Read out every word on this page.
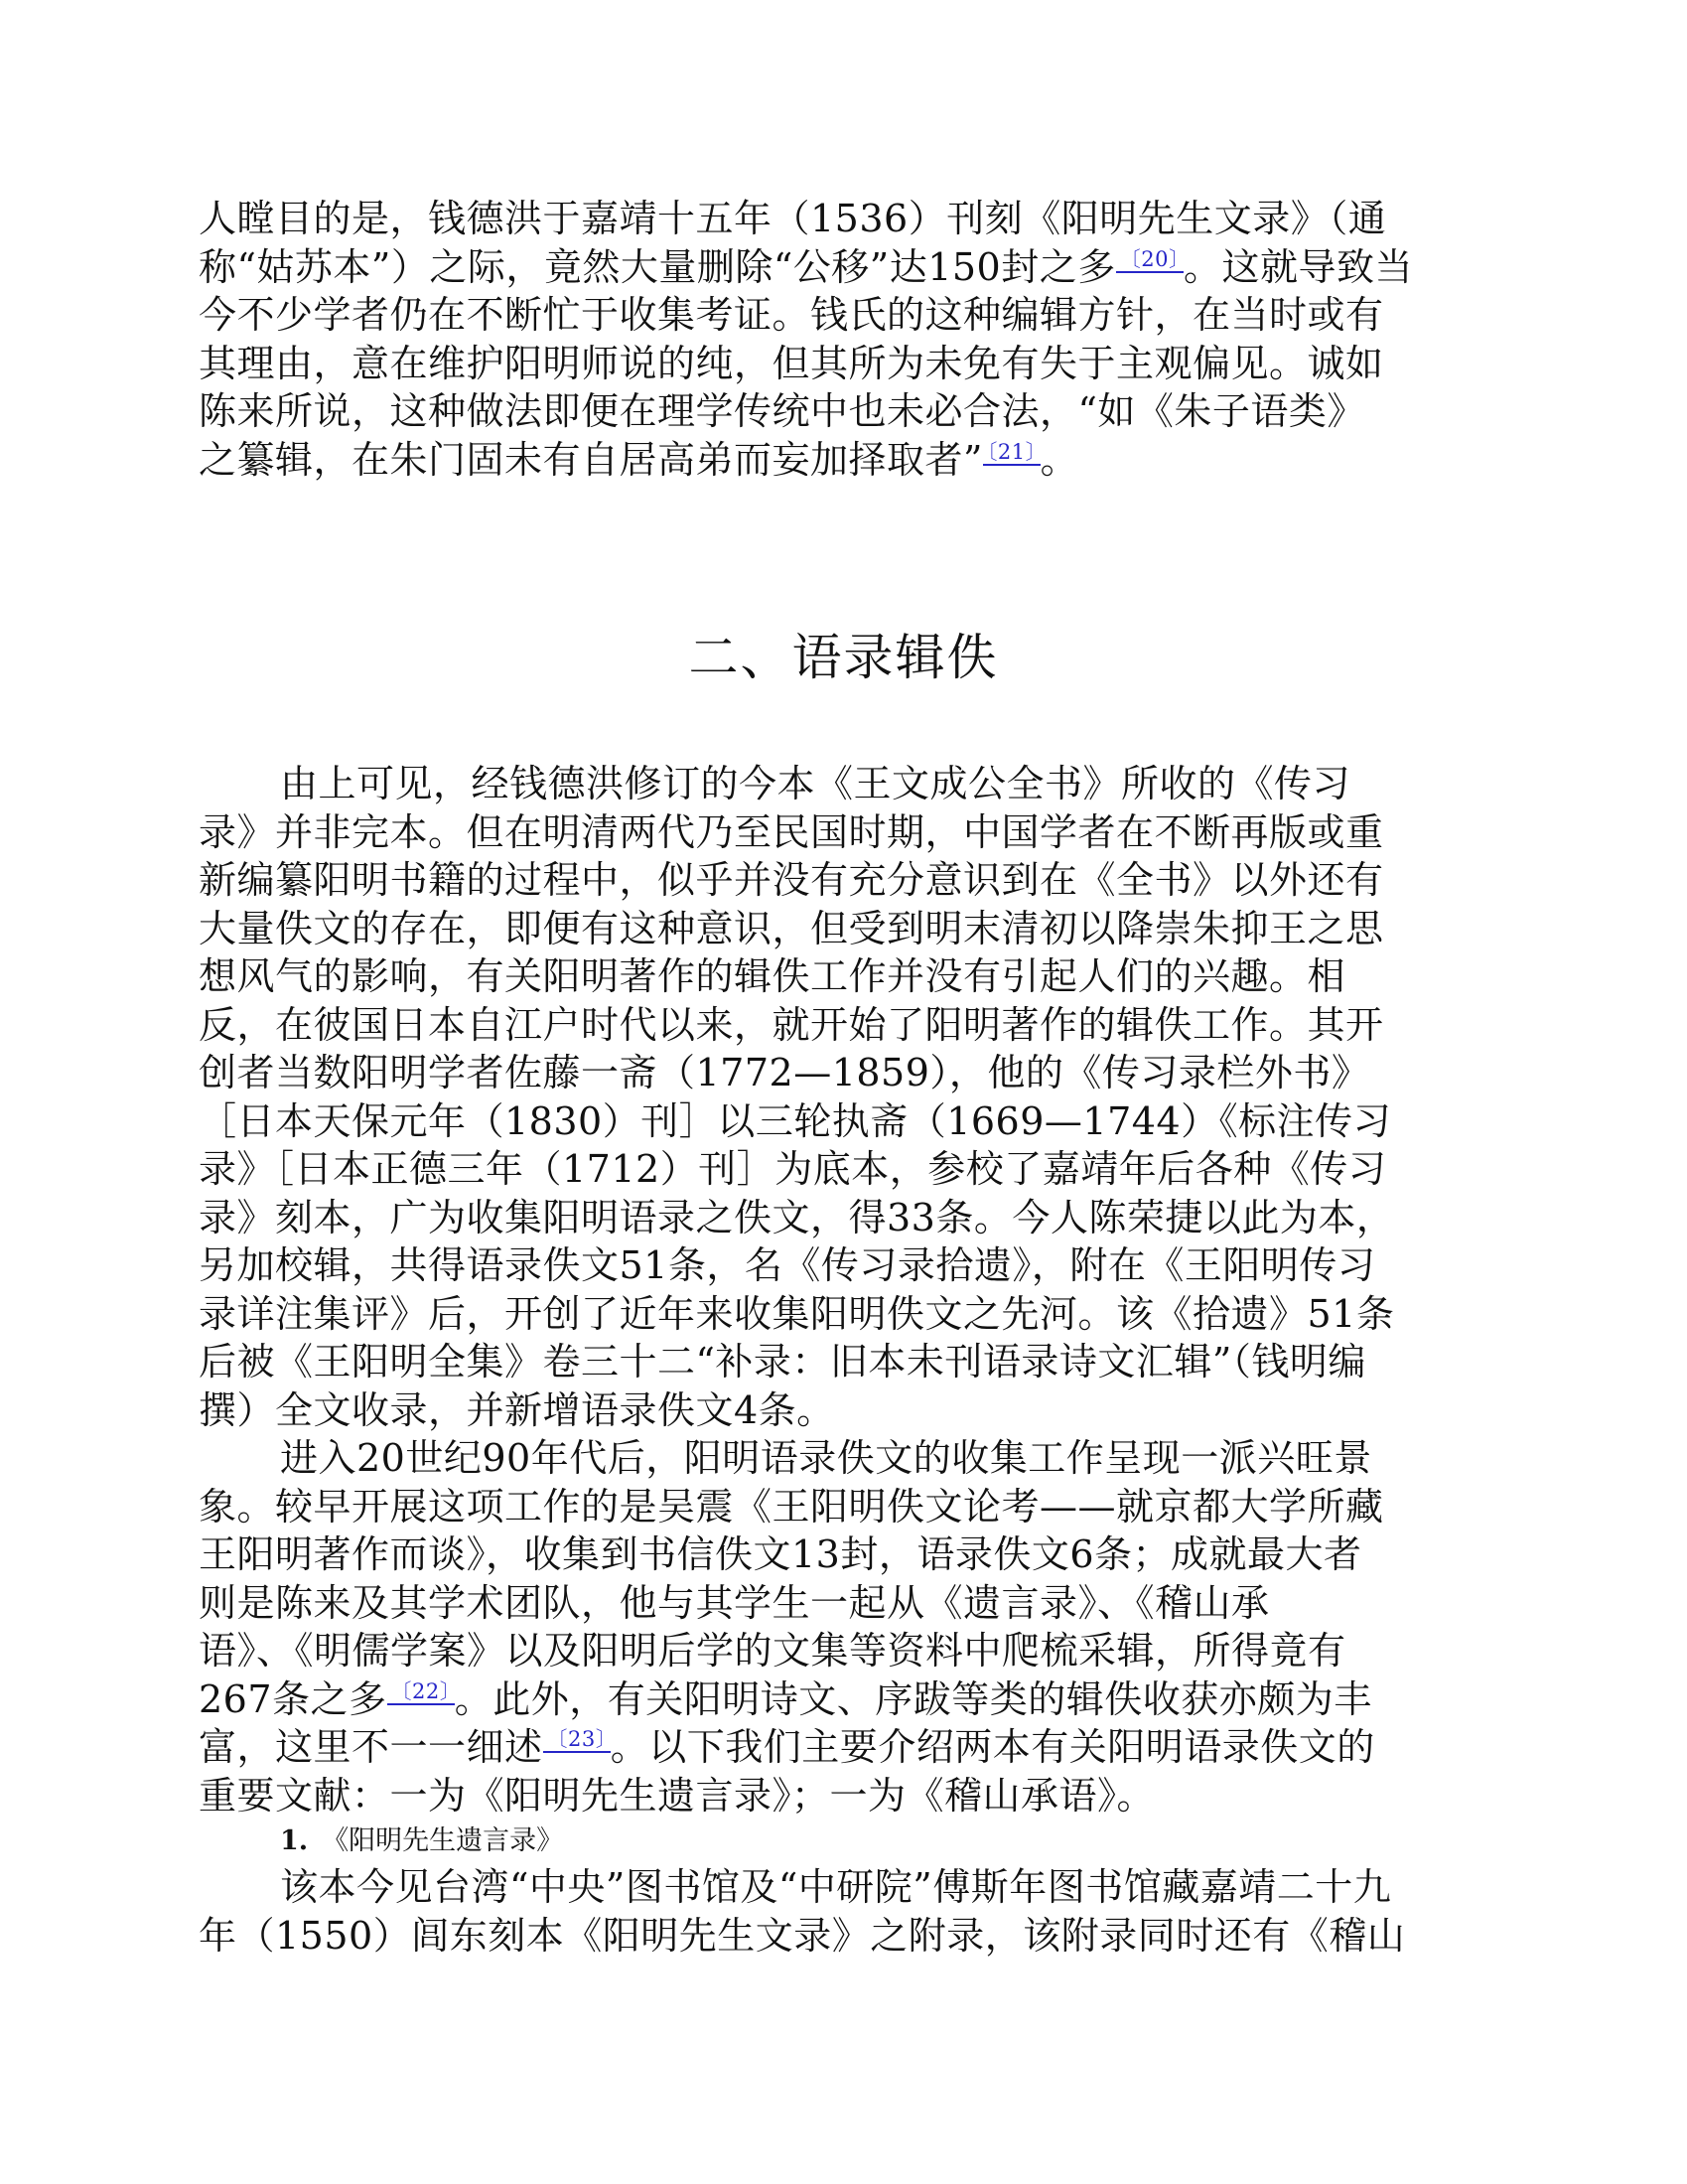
人瞠目的是，钱德洪于嘉靖十五年（1536）刊刻《阳明先生文录》（通
称“姑苏本”）之际，竟然大量删除“公移”达150封之多 $^{〔20〕}$ 。这就导致当
今不少学者仍在不断忙于收集考证。钱氏的这种编辑方针，在当时或有
其理由，意在维护阳明师说的纯，但其所为未免有失于主观偏见。诚如
陈来所说，这种做法即便在理学传统中也未必合法，“如《朱子语类》
之纂辑，在朱门固未有自居高弟而妄加择取者” $^{〔21〕}$ 。
二、语录辑佚
由上可见，经钱德洪修订的今本《王文成公全书》所收的《传习
录》并非完本。但在明清两代乃至民国时期，中国学者在不断再版或重
新编纂阳明书籍的过程中，似乎并没有充分意识到在《全书》以外还有
大量佚文的存在，即便有这种意识，但受到明末清初以降崇朱抑王之思
想风气的影响，有关阳明著作的辑佚工作并没有引起人们的兴趣。相
反，在彼国日本自江户时代以来，就开始了阳明著作的辑佚工作。其开
创者当数阳明学者佐藤一斋（1772—1859），他的《传习录栏外书》
［日本天保元年（1830）刊］以三轮执斋（1669—1744）《标注传习
录》［日本正德三年（1712）刊］为底本，参校了嘉靖年后各种《传习
录》刻本，广为收集阳明语录之佚文，得33条。今人陈荣捷以此为本，
另加校辑，共得语录佚文51条，名《传习录拾遗》，附在《王阳明传习
录详注集评》后，开创了近年来收集阳明佚文之先河。该《拾遗》51条
后被《王阳明全集》卷三十二“补录：旧本未刊语录诗文汇辑”（钱明编
撰）全文收录，并新增语录佚文4条。
进入20世纪90年代后，阳明语录佚文的收集工作呈现一派兴旺景
象。较早开展这项工作的是吴震《王阳明佚文论考——就京都大学所藏
王阳明著作而谈》，收集到书信佚文13封，语录佚文6条；成就最大者
则是陈来及其学术团队，他与其学生一起从《遗言录》、《稽山承
语》、《明儒学案》以及阳明后学的文集等资料中爬梳采辑，所得竟有
267条之多 $^{〔22〕}$ 。此外，有关阳明诗文、序跋等类的辑佚收获亦颇为丰
富，这里不一一细述 $^{〔23〕}$ 。以下我们主要介绍两本有关阳明语录佚文的
重要文献：一为《阳明先生遗言录》；一为《稽山承语》。
1. 《阳明先生遗言录》
该本今见台湾“中央”图书馆及“中研院”傅斯年图书馆藏嘉靖二十九
年（1550）闾东刻本《阳明先生文录》之附录，该附录同时还有《稽山
